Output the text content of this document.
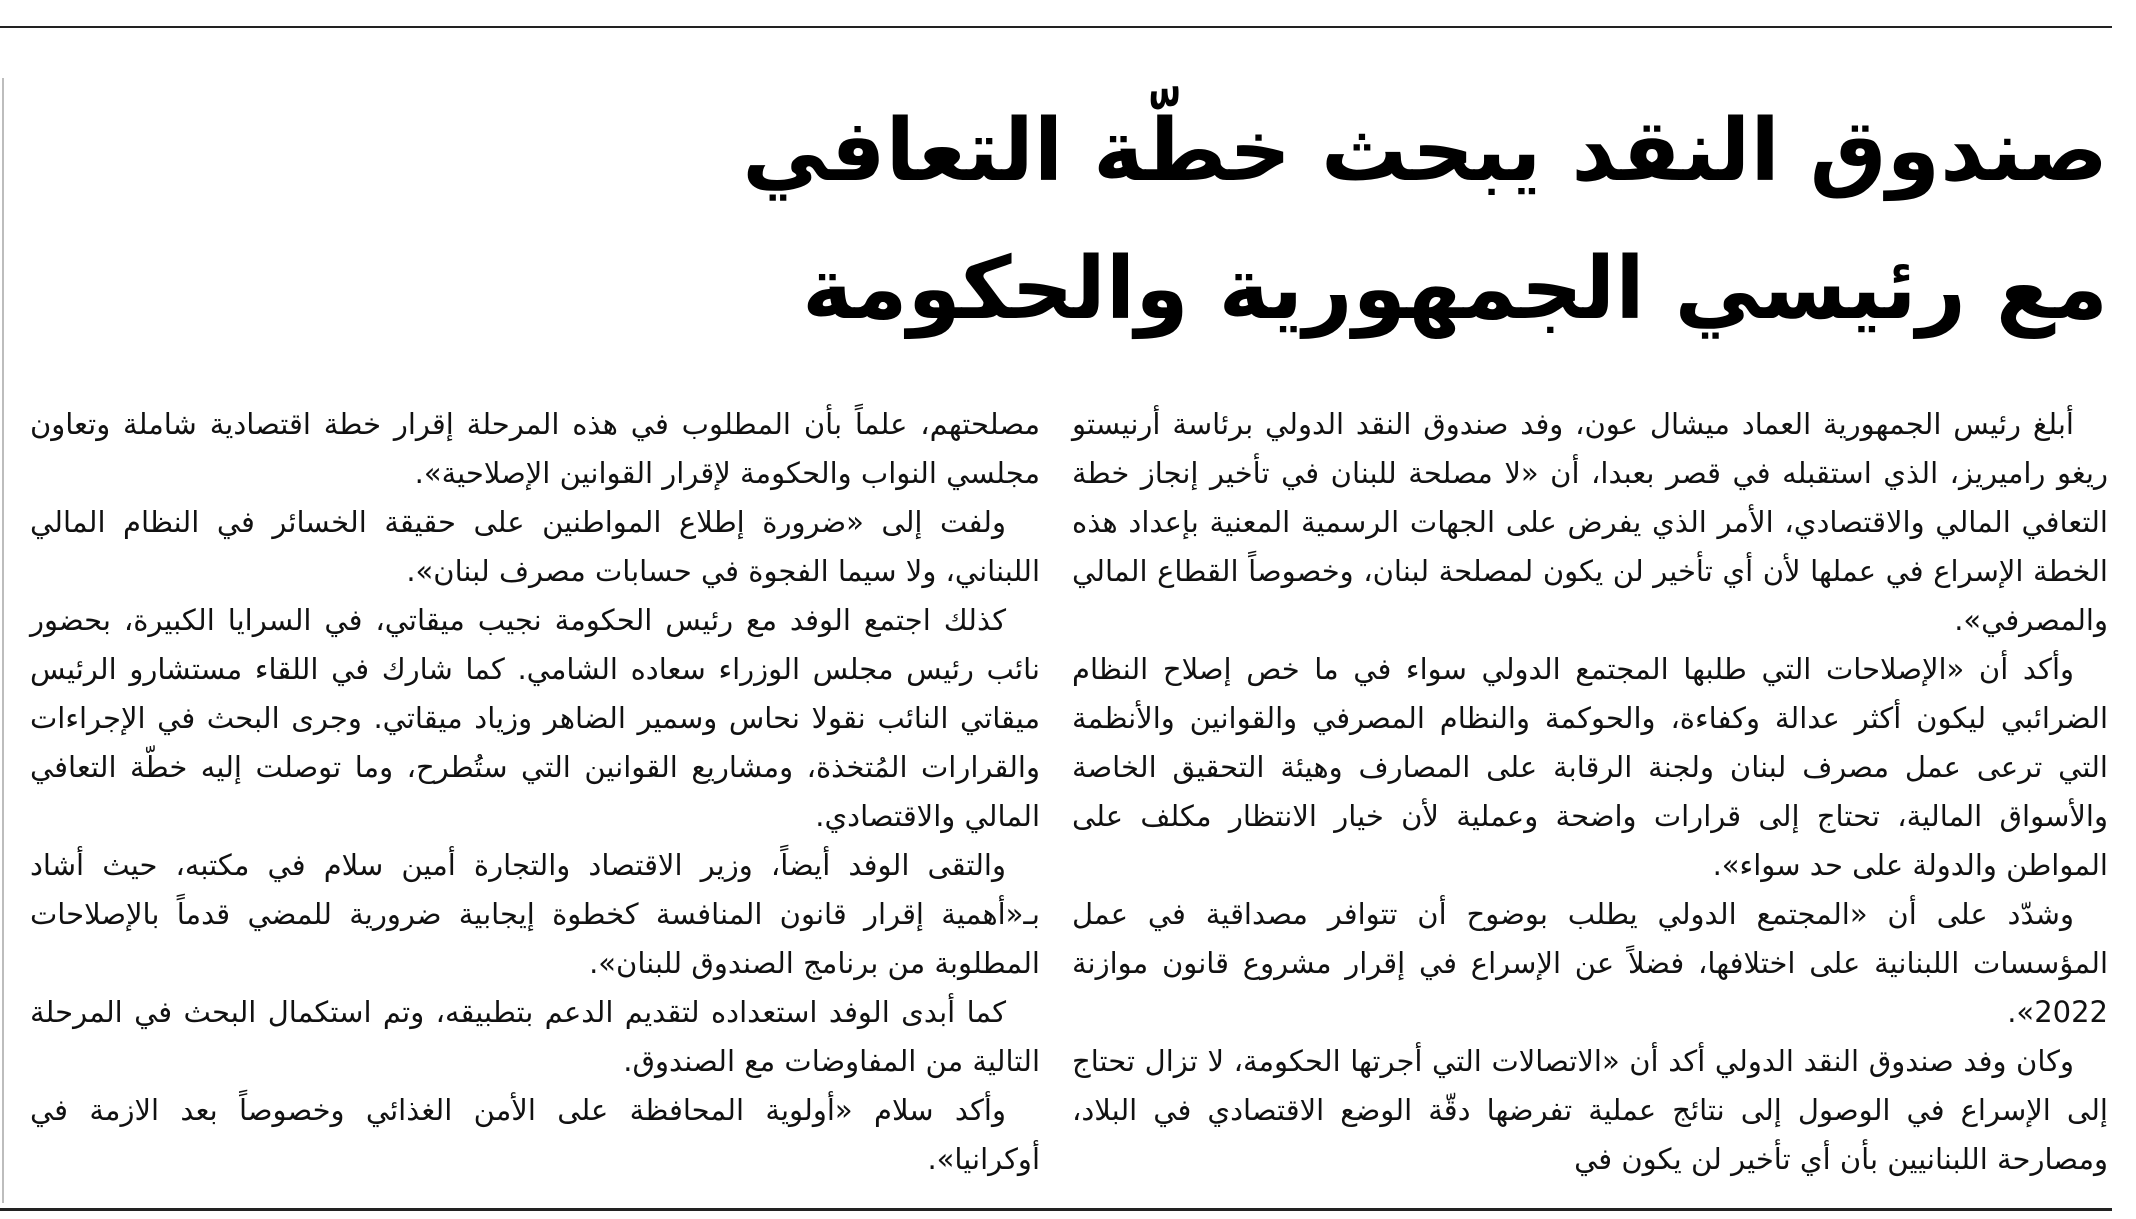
صندوق النقد يبحث خطّة التعافي
مع رئيسي الجمهورية والحكومة

أبلغ رئيس الجمهورية العماد ميشال عون، وفد صندوق النقد الدولي برئاسة أرنيستو ريغو راميريز، الذي استقبله في قصر بعبدا، أن «لا مصلحة للبنان في تأخير إنجاز خطة التعافي المالي والاقتصادي، الأمر الذي يفرض على الجهات الرسمية المعنية بإعداد هذه الخطة الإسراع في عملها لأن أي تأخير لن يكون لمصلحة لبنان، وخصوصاً القطاع المالي والمصرفي».

وأكد أن «الإصلاحات التي طلبها المجتمع الدولي سواء في ما خص إصلاح النظام الضرائبي ليكون أكثر عدالة وكفاءة، والحوكمة والنظام المصرفي والقوانين والأنظمة التي ترعى عمل مصرف لبنان ولجنة الرقابة على المصارف وهيئة التحقيق الخاصة والأسواق المالية، تحتاج إلى قرارات واضحة وعملية لأن خيار الانتظار مكلف على المواطن والدولة على حد سواء».

وشدّد على أن «المجتمع الدولي يطلب بوضوح أن تتوافر مصداقية في عمل المؤسسات اللبنانية على اختلافها، فضلاً عن الإسراع في إقرار مشروع قانون موازنة 2022».

وكان وفد صندوق النقد الدولي أكد أن «الاتصالات التي أجرتها الحكومة، لا تزال تحتاج إلى الإسراع في الوصول إلى نتائج عملية تفرضها دقّة الوضع الاقتصادي في البلاد، ومصارحة اللبنانيين بأن أي تأخير لن يكون في

مصلحتهم، علماً بأن المطلوب في هذه المرحلة إقرار خطة اقتصادية شاملة وتعاون مجلسي النواب والحكومة لإقرار القوانين الإصلاحية».

ولفت إلى «ضرورة إطلاع المواطنين على حقيقة الخسائر في النظام المالي اللبناني، ولا سيما الفجوة في حسابات مصرف لبنان».

كذلك اجتمع الوفد مع رئيس الحكومة نجيب ميقاتي، في السرايا الكبيرة، بحضور نائب رئيس مجلس الوزراء سعاده الشامي. كما شارك في اللقاء مستشارو الرئيس ميقاتي النائب نقولا نحاس وسمير الضاهر وزياد ميقاتي. وجرى البحث في الإجراءات والقرارات المُتخذة، ومشاريع القوانين التي ستُطرح، وما توصلت إليه خطّة التعافي المالي والاقتصادي.

والتقى الوفد أيضاً، وزير الاقتصاد والتجارة أمين سلام في مكتبه، حيث أشاد بـ«أهمية إقرار قانون المنافسة كخطوة إيجابية ضرورية للمضي قدماً بالإصلاحات المطلوبة من برنامج الصندوق للبنان».

كما أبدى الوفد استعداده لتقديم الدعم بتطبيقه، وتم استكمال البحث في المرحلة التالية من المفاوضات مع الصندوق.

وأكد سلام «أولوية المحافظة على الأمن الغذائي وخصوصاً بعد الازمة في أوكرانيا».
